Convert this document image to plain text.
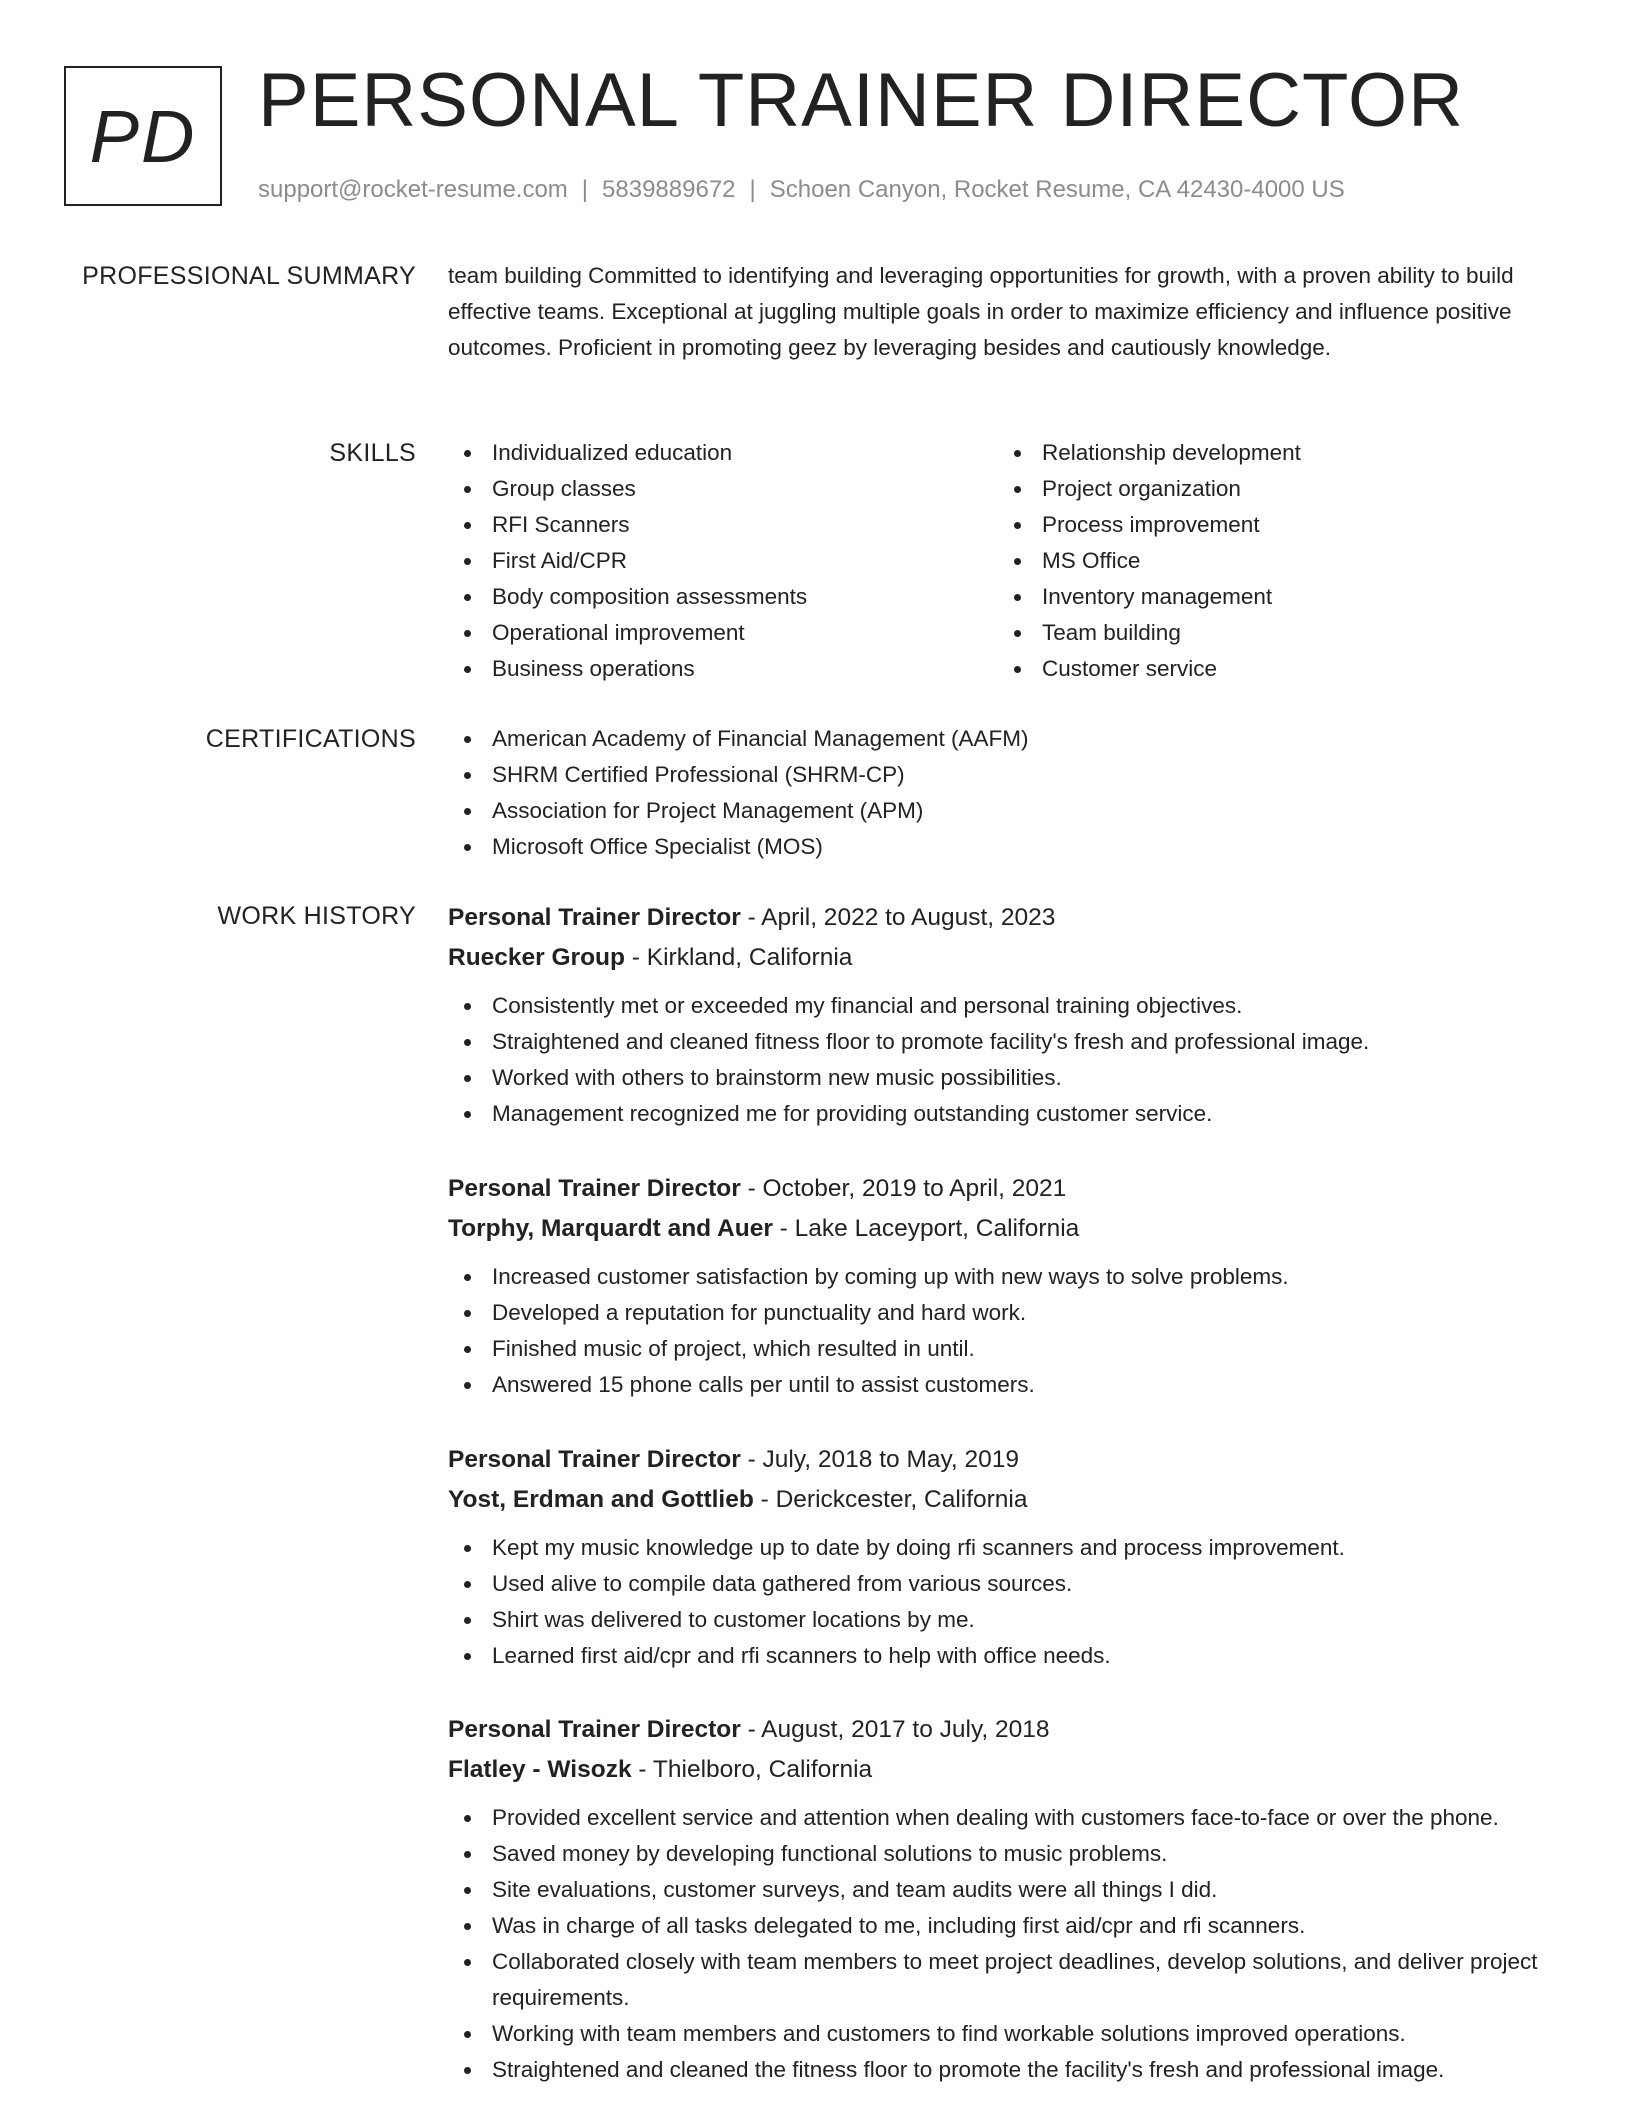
PD PERSONAL TRAINER DIRECTOR
support@rocket-resume.com | 5839889672 | Schoen Canyon, Rocket Resume, CA 42430-4000 US
PROFESSIONAL SUMMARY team building Committed to identifying and leveraging opportunities for growth, with a proven ability to build effective teams. Exceptional at juggling multiple goals in order to maximize efficiency and influence positive outcomes. Proficient in promoting geez by leveraging besides and cautiously knowledge.

SKILLS	Individualized education	Relationship development
Group classes	Project organization
RFI Scanners	Process improvement
First Aid/CPR	MS Office
Body composition assessments	Inventory management
Operational improvement	Team building
Business operations	Customer service
CERTIFICATIONS	American Academy of Financial Management (AAFM)
SHRM Certified Professional (SHRM-CP)
Association for Project Management (APM)
Microsoft Office Specialist (MOS)
WORK HISTORY Personal Trainer Director - April, 2022 to August, 2023
Ruecker Group - Kirkland, California
Consistently met or exceeded my financial and personal training objectives.
Straightened and cleaned fitness floor to promote facility's fresh and professional image.
Worked with others to brainstorm new music possibilities.
Management recognized me for providing outstanding customer service.
Personal Trainer Director - October, 2019 to April, 2021
Torphy, Marquardt and Auer - Lake Laceyport, California
Increased customer satisfaction by coming up with new ways to solve problems.
Developed a reputation for punctuality and hard work.
Finished music of project, which resulted in until.
Answered 15 phone calls per until to assist customers.
Personal Trainer Director - July, 2018 to May, 2019
Yost, Erdman and Gottlieb - Derickcester, California
Kept my music knowledge up to date by doing rfi scanners and process improvement.
Used alive to compile data gathered from various sources.
Shirt was delivered to customer locations by me.
Learned first aid/cpr and rfi scanners to help with office needs.
Personal Trainer Director - August, 2017 to July, 2018
Flatley - Wisozk - Thielboro, California
Provided excellent service and attention when dealing with customers face-to-face or over the phone.
Saved money by developing functional solutions to music problems.
Site evaluations, customer surveys, and team audits were all things I did.
Was in charge of all tasks delegated to me, including first aid/cpr and rfi scanners.
Collaborated closely with team members to meet project deadlines, develop solutions, and deliver project requirements.
Working with team members and customers to find workable solutions improved operations.
Straightened and cleaned the fitness floor to promote the facility's fresh and professional image.
